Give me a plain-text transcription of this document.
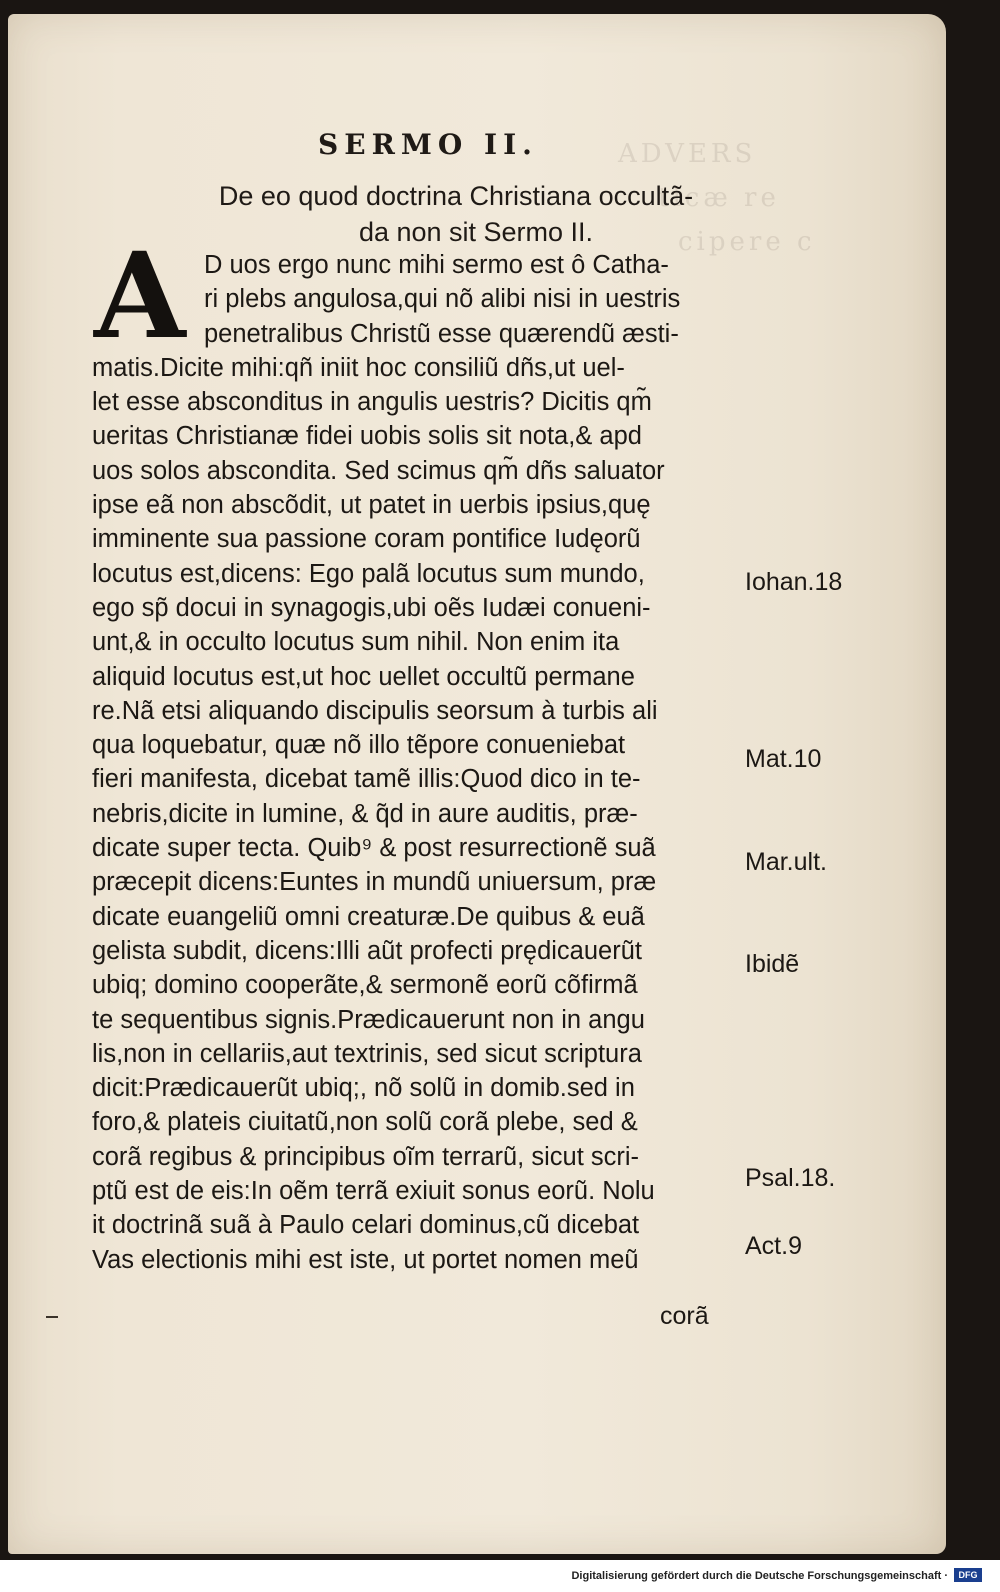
ADVERS
ticæ re
cipere c
SERMO II.
De eo quod doctrina Christiana occultã-
da non sit Sermo II.
A D uos ergo nunc mihi sermo est ô Catha-
ri plebs angulosa,qui nõ alibi nisi in uestris
penetralibus Christũ esse quærendũ æsti-
matis.Dicite mihi:qñ iniit hoc consiliũ dñs,ut uel-
let esse absconditus in angulis uestris? Dicitis qm̃
ueritas Christianæ fidei uobis solis sit nota,& apd
uos solos abscondita. Sed scimus qm̃ dñs saluator
ipse eã non abscõdit, ut patet in uerbis ipsius,quę
imminente sua passione coram pontifice Iudęorũ
locutus est,dicens: Ego palã locutus sum mundo,
ego sp̃ docui in synagogis,ubi oẽs Iudæi conueni-
unt,& in occulto locutus sum nihil. Non enim ita
aliquid locutus est,ut hoc uellet occultũ permane
re.Nã etsi aliquando discipulis seorsum à turbis ali
qua loquebatur, quæ nõ illo tẽpore conueniebat
fieri manifesta, dicebat tamẽ illis:Quod dico in te-
nebris,dicite in lumine, & q̃d in aure auditis, præ-
dicate super tecta. Quib⁹ & post resurrectionẽ suã
præcepit dicens:Euntes in mundũ uniuersum, præ
dicate euangeliũ omni creaturæ.De quibus & euã
gelista subdit, dicens:Illi aũt profecti prędicauerũt
ubiq; domino cooperãte,& sermonẽ eorũ cõfirmã
te sequentibus signis.Prædicauerunt non in angu
lis,non in cellariis,aut textrinis, sed sicut scriptura
dicit:Prædicauerũt ubiq;, nõ solũ in domib.sed in
foro,& plateis ciuitatũ,non solũ corã plebe, sed &
corã regibus & principibus oĩm terrarũ, sicut scri-
ptũ est de eis:In oẽm terrã exiuit sonus eorũ. Nolu
it doctrinã suã à Paulo celari dominus,cũ dicebat
Vas electionis mihi est iste, ut portet nomen meũ
Iohan.18
Mat.10
Mar.ult.
Ibidẽ
Psal.18.
Act.9
corã
Digitalisierung gefördert durch die Deutsche Forschungsgemeinschaft ·	DFG
